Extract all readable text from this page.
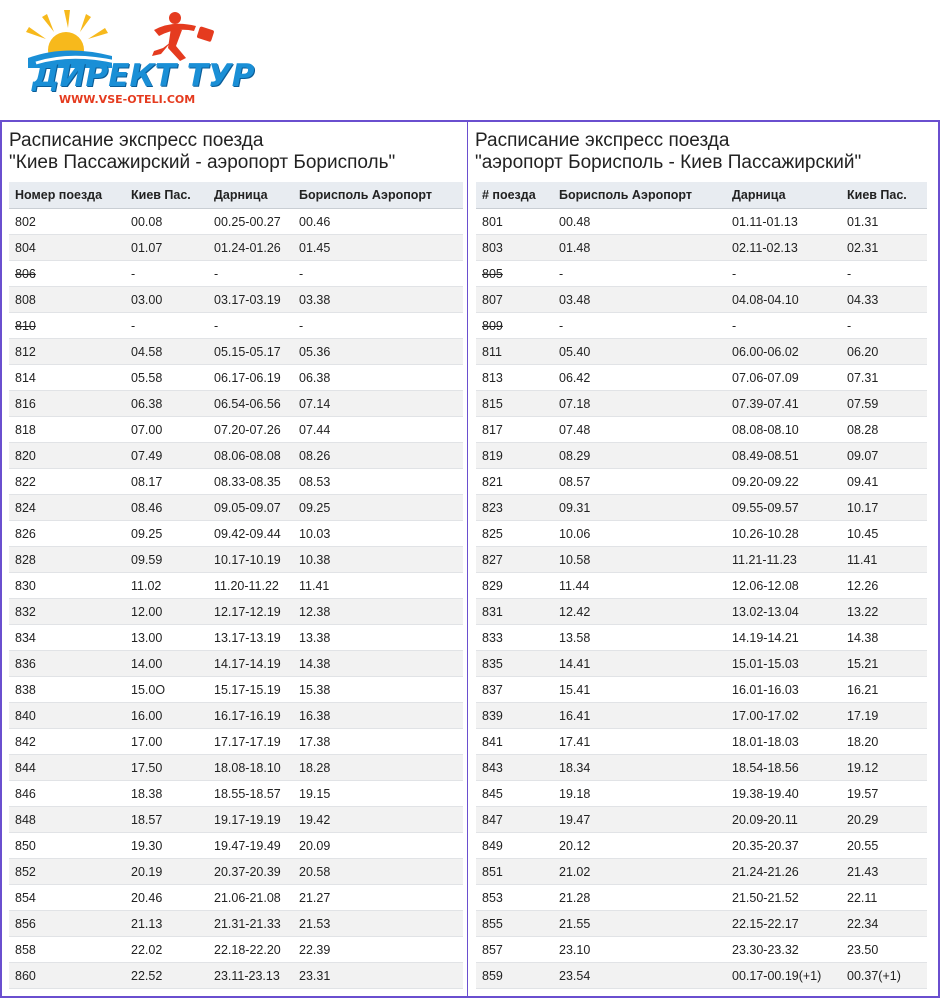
ДИРЕКТ ТУР
WWW.VSE-OTELI.COM
Расписание экспресс поезда
"Киев Пассажирский - аэропорт Борисполь"
Номер поезда	Киев Пас.	Дарница	Борисполь Аэропорт
802	00.08	00.25-00.27	00.46
804	01.07	01.24-01.26	01.45
806	-	-	-
808	03.00	03.17-03.19	03.38
810	-	-	-
812	04.58	05.15-05.17	05.36
814	05.58	06.17-06.19	06.38
816	06.38	06.54-06.56	07.14
818	07.00	07.20-07.26	07.44
820	07.49	08.06-08.08	08.26
822	08.17	08.33-08.35	08.53
824	08.46	09.05-09.07	09.25
826	09.25	09.42-09.44	10.03
828	09.59	10.17-10.19	10.38
830	11.02	11.20-11.22	11.41
832	12.00	12.17-12.19	12.38
834	13.00	13.17-13.19	13.38
836	14.00	14.17-14.19	14.38
838	15.0O	15.17-15.19	15.38
840	16.00	16.17-16.19	16.38
842	17.00	17.17-17.19	17.38
844	17.50	18.08-18.10	18.28
846	18.38	18.55-18.57	19.15
848	18.57	19.17-19.19	19.42
850	19.30	19.47-19.49	20.09
852	20.19	20.37-20.39	20.58
854	20.46	21.06-21.08	21.27
856	21.13	21.31-21.33	21.53
858	22.02	22.18-22.20	22.39
860	22.52	23.11-23.13	23.31
Расписание экспресс поезда
"аэропорт Борисполь - Киев Пассажирский"
# поезда	Борисполь Аэропорт	Дарница	Киев Пас.
801	00.48	01.11-01.13	01.31
803	01.48	02.11-02.13	02.31
805	-	-	-
807	03.48	04.08-04.10	04.33
809	-	-	-
811	05.40	06.00-06.02	06.20
813	06.42	07.06-07.09	07.31
815	07.18	07.39-07.41	07.59
817	07.48	08.08-08.10	08.28
819	08.29	08.49-08.51	09.07
821	08.57	09.20-09.22	09.41
823	09.31	09.55-09.57	10.17
825	10.06	10.26-10.28	10.45
827	10.58	11.21-11.23	11.41
829	11.44	12.06-12.08	12.26
831	12.42	13.02-13.04	13.22
833	13.58	14.19-14.21	14.38
835	14.41	15.01-15.03	15.21
837	15.41	16.01-16.03	16.21
839	16.41	17.00-17.02	17.19
841	17.41	18.01-18.03	18.20
843	18.34	18.54-18.56	19.12
845	19.18	19.38-19.40	19.57
847	19.47	20.09-20.11	20.29
849	20.12	20.35-20.37	20.55
851	21.02	21.24-21.26	21.43
853	21.28	21.50-21.52	22.11
855	21.55	22.15-22.17	22.34
857	23.10	23.30-23.32	23.50
859	23.54	00.17-00.19(+1)	00.37(+1)
